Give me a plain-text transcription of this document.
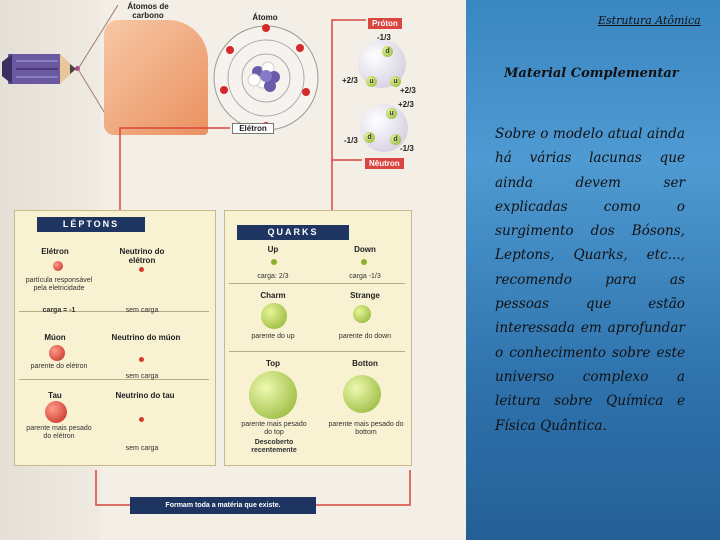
Átomos de carbono	Átomo
Elétron
Próton
d
u	u
-1/3
+2/3
+2/3
u
d	d
+2/3
-1/3
-1/3
Nêutron
LÉPTONS
Elétron
partícula responsável pela eletricidade
carga = -1
Neutrino do elétron
sem carga
Múon
parente do elétron
Neutrino do múon
sem carga
Tau
parente mais pesado do elétron
Neutrino do tau
sem carga
QUARKS
Up
carga: 2/3
Down
carga -1/3
Charm
parente do up
Strange
parente do down
Top
parente mais pesado do top
Descoberto recentemente
Botton
parente mais pesado do bottom
Formam toda a matéria que existe.
Estrutura Atômica
Material Complementar
Sobre o modelo atual ainda há várias lacunas que ainda devem ser explicadas como o surgimento dos Bósons, Leptons, Quarks, etc..., recomendo para as pessoas que estão interessada em aprofundar o conhecimento sobre este universo complexo a leitura sobre Química e Física Quântica.
